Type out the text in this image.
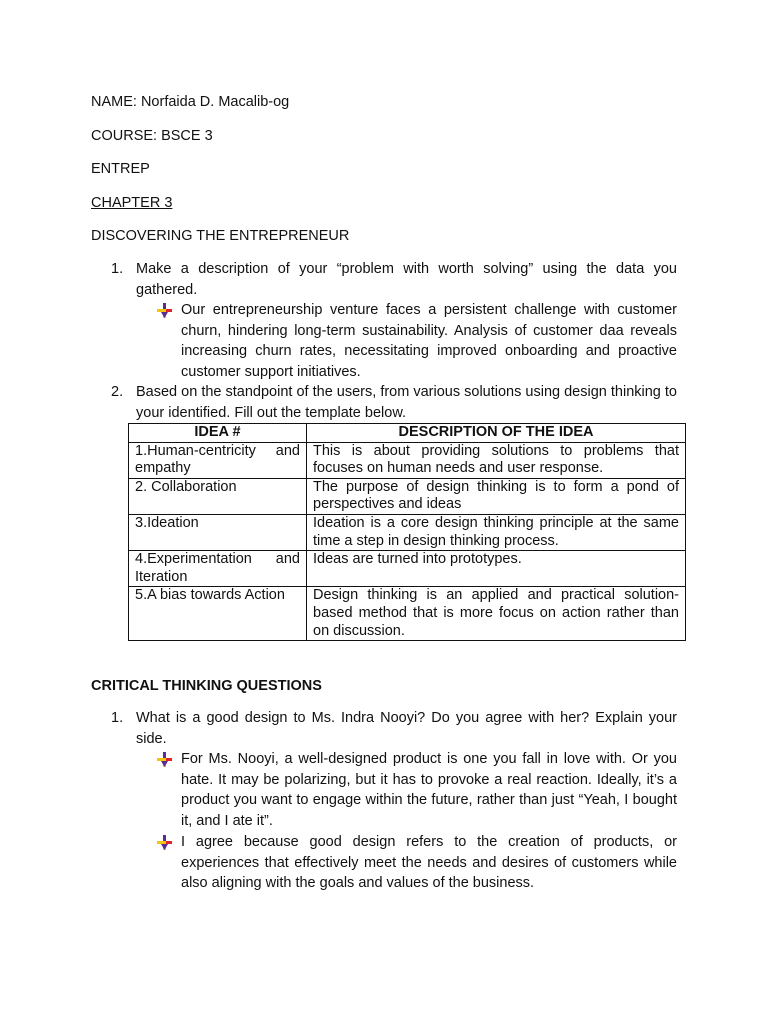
NAME: Norfaida D. Macalib-og
COURSE: BSCE 3
ENTREP
CHAPTER 3
DISCOVERING THE ENTREPRENEUR
1. Make a description of your “problem with worth solving” using the data you gathered.
Our entrepreneurship venture faces a persistent challenge with customer churn, hindering long-term sustainability. Analysis of customer daa reveals increasing churn rates, necessitating improved onboarding and proactive customer support initiatives.
2. Based on the standpoint of the users, from various solutions using design thinking to your identified. Fill out the template below.
IDEA #	DESCRIPTION OF THE IDEA
1.Human-centricity and empathy	This is about providing solutions to problems that focuses on human needs and user response.
2. Collaboration	The purpose of design thinking is to form a pond of perspectives and ideas
3.Ideation	Ideation is a core design thinking principle at the same time a step in design thinking process.
4.Experimentation and Iteration	Ideas are turned into prototypes.
5.A bias towards Action	Design thinking is an applied and practical solution-based method that is more focus on action rather than on discussion.
CRITICAL THINKING QUESTIONS
1. What is a good design to Ms. Indra Nooyi? Do you agree with her? Explain your side.
For Ms. Nooyi, a well-designed product is one you fall in love with. Or you hate. It may be polarizing, but it has to provoke a real reaction. Ideally, it’s a product you want to engage within the future, rather than just “Yeah, I bought it, and I ate it”.
I agree because good design refers to the creation of products, or experiences that effectively meet the needs and desires of customers while also aligning with the goals and values of the business.
